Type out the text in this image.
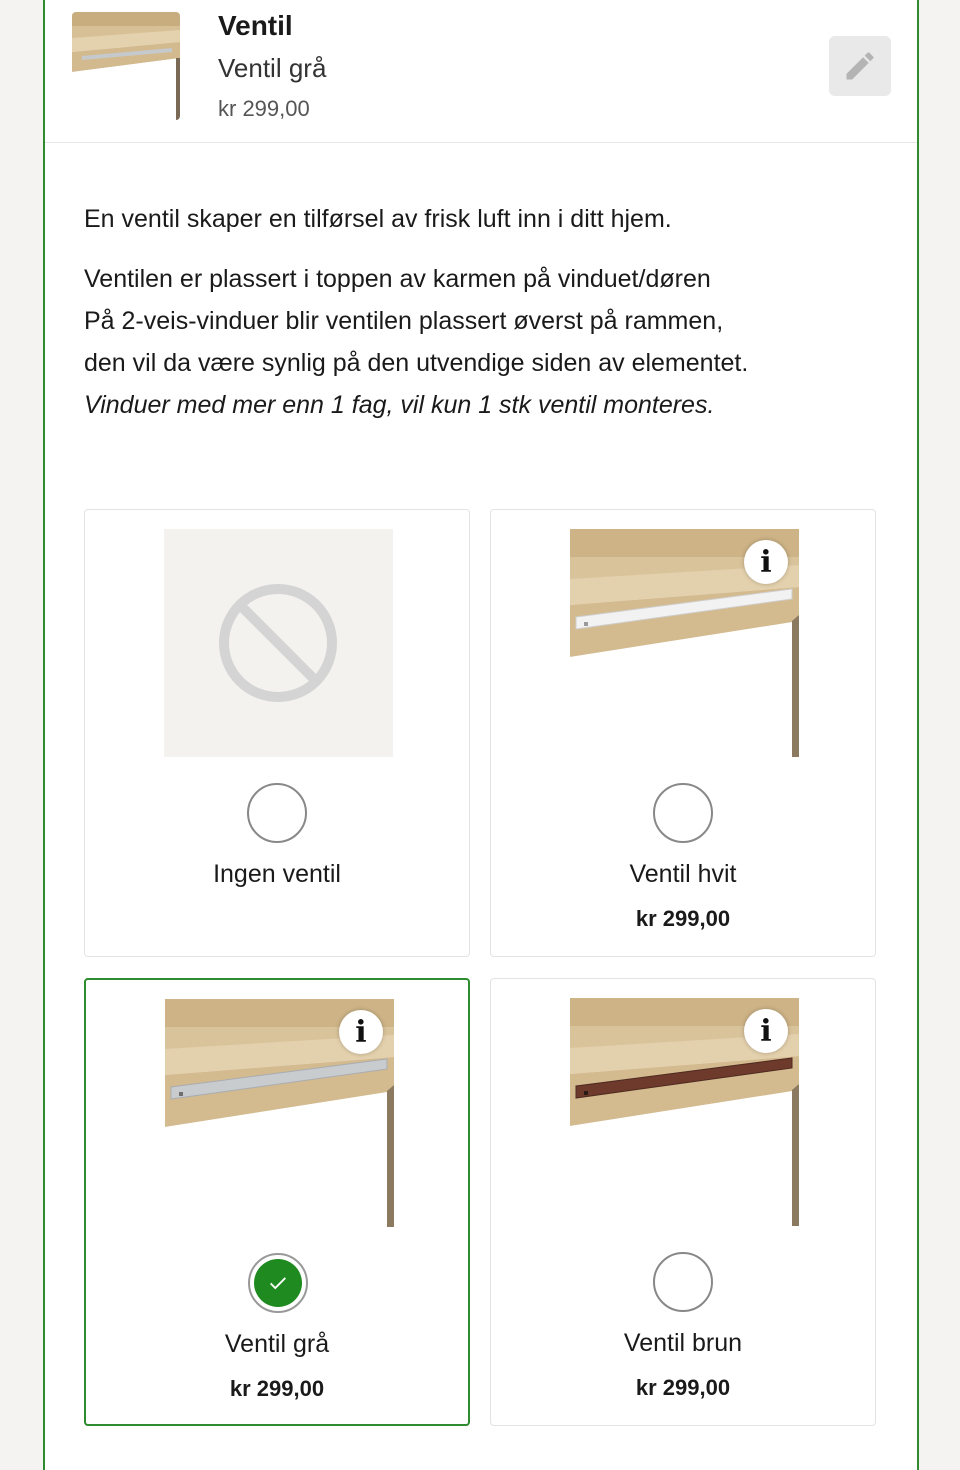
Ventil
Ventil grå
kr 299,00

En ventil skaper en tilførsel av frisk luft inn i ditt hjem.

Ventilen er plassert i toppen av karmen på vinduet/døren

På 2-veis-vinduer blir ventilen plassert øverst på rammen,

den vil da være synlig på den utvendige siden av elementet.

Vinduer med mer enn 1 fag, vil kun 1 stk ventil monteres.

Ingen ventil
i
Ventil hvit
kr 299,00
i
Ventil grå
kr 299,00
i
Ventil brun
kr 299,00
